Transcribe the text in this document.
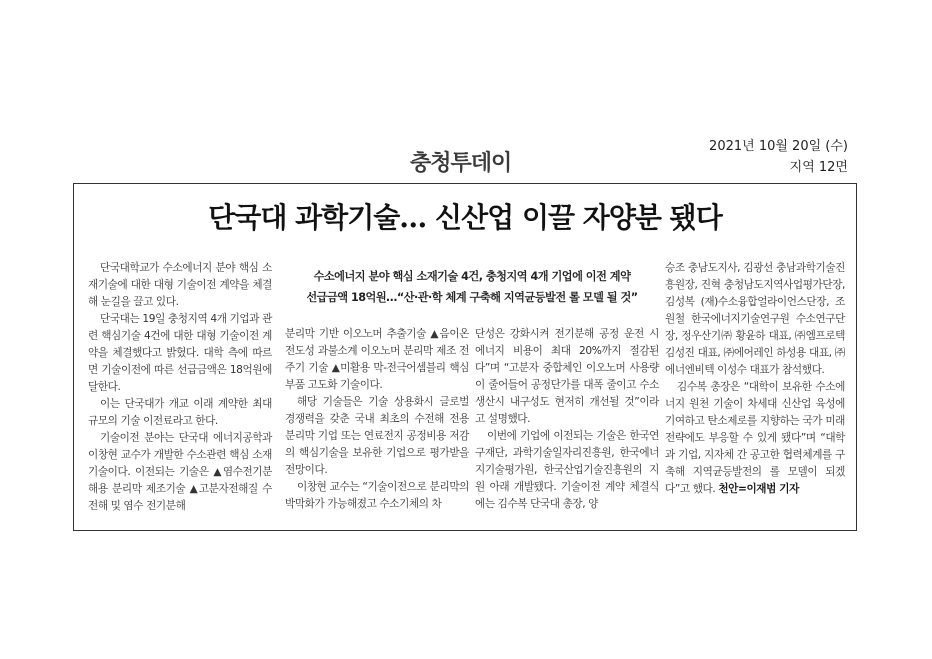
충청투데이
2021년 10월 20일 (수)
지역 12면
단국대 과학기술… 신산업 이끌 자양분 됐다
수소에너지 분야 핵심 소재기술 4건, 충청지역 4개 기업에 이전 계약
선급금액 18억원…“산·관·학 체계 구축해 지역균등발전 롤 모델 될 것”

단국대학교가 수소에너지 분야 핵심 소재기술에 대한 대형 기술이전 계약을 체결해 눈길을 끌고 있다.

단국대는 19일 충청지역 4개 기업과 관련 핵심기술 4건에 대한 대형 기술이전 계약을 체결했다고 밝혔다. 대학 측에 따르면 기술이전에 따른 선급금액은 18억원에 달한다.

이는 단국대가 개교 이래 계약한 최대 규모의 기술 이전료라고 한다.

기술이전 분야는 단국대 에너지공학과 이창현 교수가 개발한 수소관련 핵심 소재 기술이다. 이전되는 기술은 ▲염수전기분해용 분리막 제조기술 ▲고분자전해질 수전해 및 염수 전기분해

분리막 기반 이오노머 추출기술 ▲음이온전도성 과불소계 이오노머 분리막 제조 전주기 기술 ▲미활용 막-전극어셈블리 핵심부품 고도화 기술이다.

해당 기술들은 기술 상용화시 글로벌 경쟁력을 갖춘 국내 최초의 수전해 전용 분리막 기업 또는 연료전지 공정비용 저감의 핵심기술을 보유한 기업으로 평가받을 전망이다.

이창현 교수는 “기술이전으로 분리막의 박막화가 가능해졌고 수소기체의 차

단성은 강화시켜 전기분해 공정 운전 시 에너지 비용이 최대 20%까지 절감된다”며 “고분자 중합체인 이오노머 사용량이 줄어들어 공정단가를 대폭 줄이고 수소 생산시 내구성도 현저히 개선될 것”이라고 설명했다.

이번에 기업에 이전되는 기술은 한국연구재단, 과학기술일자리진흥원, 한국에너지기술평가원, 한국산업기술진흥원의 지원 아래 개발됐다. 기술이전 계약 체결식에는 김수복 단국대 총장, 양

승조 충남도지사, 김광선 충남과학기술진흥원장, 진혁 충청남도지역사업평가단장, 김성복 (재)수소융합얼라이언스단장, 조원철 한국에너지기술연구원 수소연구단장, 정우산기㈜ 황윤하 대표, ㈜엠프로텍 김성진 대표, ㈜에어레인 하성용 대표, ㈜에너엔비텍 이성수 대표가 참석했다.

김수복 총장은 “대학이 보유한 수소에너지 원천 기술이 차세대 신산업 육성에 기여하고 탄소제로를 지향하는 국가 미래전략에도 부응할 수 있게 됐다”며 “대학과 기업, 지자체 간 공고한 협력체계를 구축해 지역균등발전의 롤 모델이 되겠다”고 했다. 천안=이재범 기자
